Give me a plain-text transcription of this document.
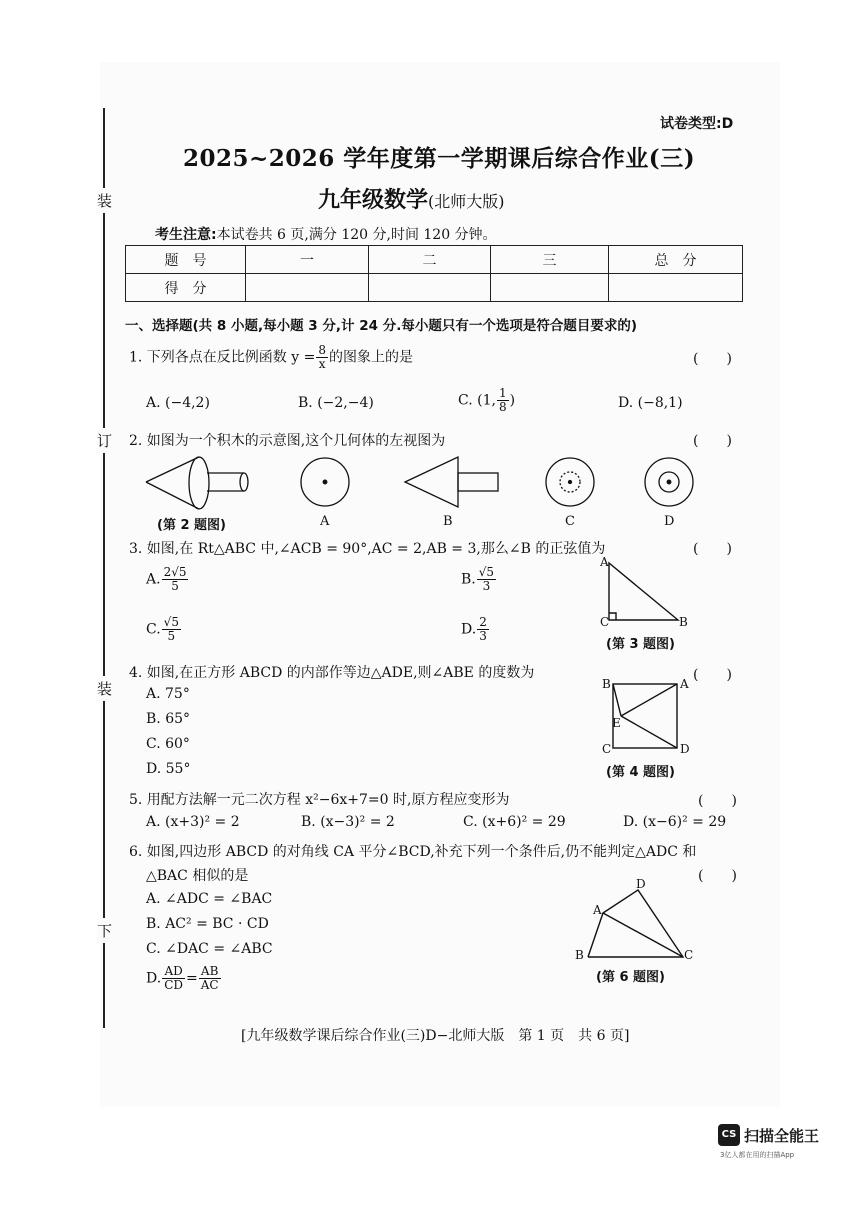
装
订
装
下
试卷类型:D
2025~2026 学年度第一学期课后综合作业(三)
九年级数学(北师大版)
考生注意:本试卷共 6 页,满分 120 分,时间 120 分钟。
题　号	一	二	三	总　分
得　分				
一、选择题(共 8 小题,每小题 3 分,计 24 分.每小题只有一个选项是符合题目要求的)
1. 下列各点在反比例函数 $y = \frac{8}{x}$ 的图象上的是	(　　)
A. (−4,2)	B. (−2,−4)	C. (1, $\frac{1}{8}$ )	D. (−8,1)
2. 如图为一个积木的示意图,这个几何体的左视图为	(　　)
(第 2 题图)	A	B	C	D
3. 如图,在 Rt△ABC 中,∠ACB = 90°,AC = 2,AB = 3,那么∠B 的正弦值为	(　　)
A. $\frac{2√5}{5}$	B. $\frac{√5}{3}$
C. $\frac{√5}{5}$	D. $\frac{2}{3}$
A
C	B
(第 3 题图)
4. 如图,在正方形 ABCD 的内部作等边△ADE,则∠ABE 的度数为	(　　)
A. 75°
B. 65°
C. 60°
D. 55°
B	A
E
C	D
(第 4 题图)
5. 用配方法解一元二次方程 x²−6x+7=0 时,原方程应变形为	(　　)
A. (x+3)² = 2	B. (x−3)² = 2	C. (x+6)² = 29	D. (x−6)² = 29
6. 如图,四边形 ABCD 的对角线 CA 平分∠BCD,补充下列一个条件后,仍不能判定△ADC 和
△BAC 相似的是	(　　)
A. ∠ADC = ∠BAC
B. AC² = BC · CD
C. ∠DAC = ∠ABC
D. $\frac{AD}{CD} = \frac{AB}{AC}$
D
A
B	C
(第 6 题图)
[九年级数学课后综合作业(三)D−北师大版　第 1 页　共 6 页]
CS 扫描全能王
3亿人都在用的扫描App
